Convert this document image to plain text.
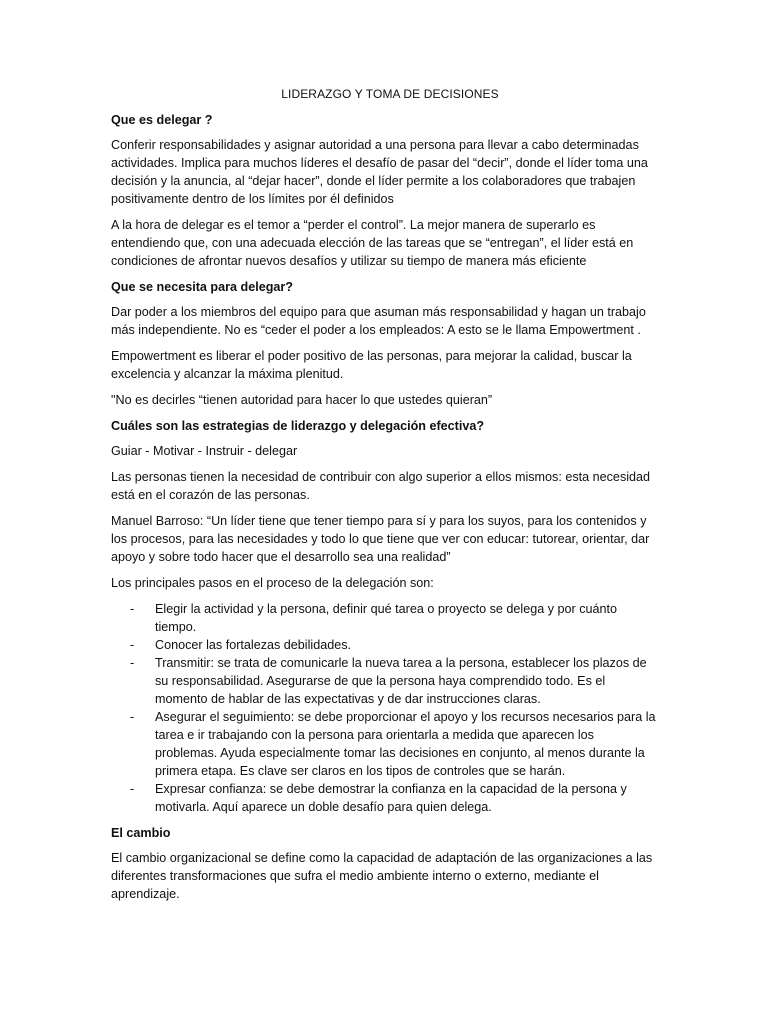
LIDERAZGO Y TOMA DE DECISIONES
Que es delegar ?

Conferir responsabilidades y asignar autoridad a una persona para llevar a cabo determinadas actividades. Implica para muchos líderes el desafío de pasar del “decir”, donde el líder toma una decisión y la anuncia, al “dejar hacer”, donde el líder permite a los colaboradores que trabajen positivamente dentro de los límites por él definidos

A la hora de delegar es el temor a “perder el control”. La mejor manera de superarlo es entendiendo que, con una adecuada elección de las tareas que se “entregan”, el líder está en condiciones de afrontar nuevos desafíos y utilizar su tiempo de manera más eficiente

Que se necesita para delegar?

Dar poder a los miembros del equipo para que asuman más responsabilidad y hagan un trabajo más independiente. No es “ceder el poder a los empleados: A esto se le llama Empowertment .

Empowertment es liberar el poder positivo de las personas, para mejorar la calidad, buscar la excelencia y alcanzar la máxima plenitud.

"No es decirles “tienen autoridad para hacer lo que ustedes quieran”

Cuáles son las estrategias de liderazgo y delegación efectiva?

Guiar - Motivar - Instruir - delegar

Las personas tienen la necesidad de contribuir con algo superior a ellos mismos: esta necesidad está en el corazón de las personas.

Manuel Barroso: “Un líder tiene que tener tiempo para sí y para los suyos, para los contenidos y los procesos, para las necesidades y todo lo que tiene que ver con educar: tutorear, orientar, dar apoyo y sobre todo hacer que el desarrollo sea una realidad”

Los principales pasos en el proceso de la delegación son:

- Elegir la actividad y la persona, definir qué tarea o proyecto se delega y por cuánto tiempo.
- Conocer las fortalezas debilidades.
- Transmitir: se trata de comunicarle la nueva tarea a la persona, establecer los plazos de su responsabilidad. Asegurarse de que la persona haya comprendido todo. Es el momento de hablar de las expectativas y de dar instrucciones claras.
- Asegurar el seguimiento: se debe proporcionar el apoyo y los recursos necesarios para la tarea e ir trabajando con la persona para orientarla a medida que aparecen los problemas. Ayuda especialmente tomar las decisiones en conjunto, al menos durante la primera etapa. Es clave ser claros en los tipos de controles que se harán.
- Expresar confianza: se debe demostrar la confianza en la capacidad de la persona y motivarla. Aquí aparece un doble desafío para quien delega.
El cambio

El cambio organizacional se define como la capacidad de adaptación de las organizaciones a las diferentes transformaciones que sufra el medio ambiente interno o externo, mediante el aprendizaje.
